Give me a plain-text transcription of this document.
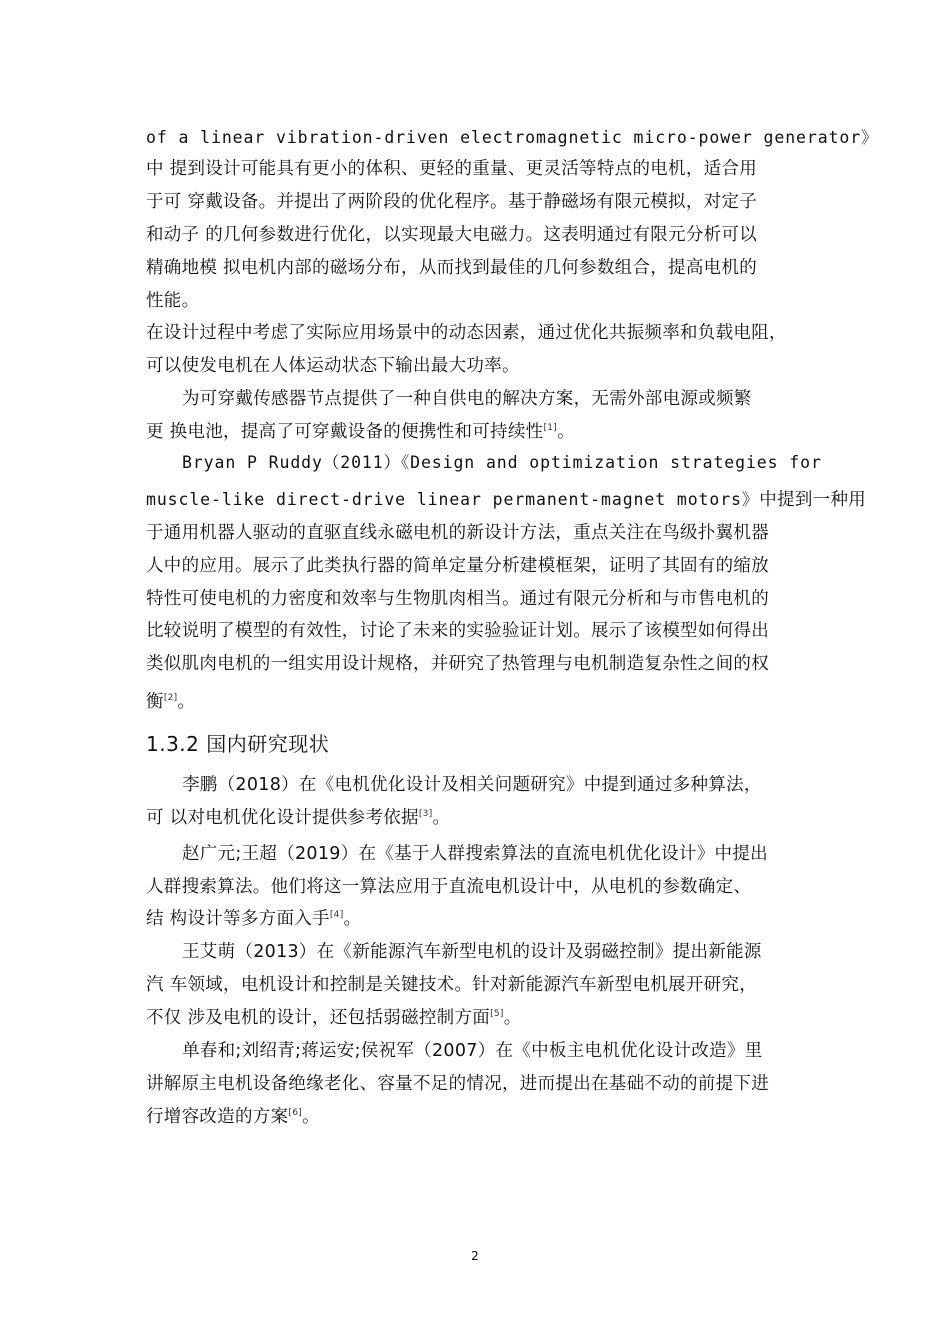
of a linear vibration-driven electromagnetic micro-power generator》
中 提到设计可能具有更小的体积、更轻的重量、更灵活等特点的电机，适合用
于可 穿戴设备。并提出了两阶段的优化程序。基于静磁场有限元模拟，对定子
和动子 的几何参数进行优化，以实现最大电磁力。这表明通过有限元分析可以
精确地模 拟电机内部的磁场分布，从而找到最佳的几何参数组合，提高电机的
性能。
在设计过程中考虑了实际应用场景中的动态因素，通过优化共振频率和负载电阻，
可以使发电机在人体运动状态下输出最大功率。
为可穿戴传感器节点提供了一种自供电的解决方案，无需外部电源或频繁
更 换电池，提高了可穿戴设备的便携性和可持续性[1]。
Bryan P Ruddy（2011）《Design and optimization strategies for
muscle-like direct-drive linear permanent-magnet motors》中提到一种用
于通用机器人驱动的直驱直线永磁电机的新设计方法，重点关注在鸟级扑翼机器
人中的应用。展示了此类执行器的简单定量分析建模框架，证明了其固有的缩放
特性可使电机的力密度和效率与生物肌肉相当。通过有限元分析和与市售电机的
比较说明了模型的有效性，讨论了未来的实验验证计划。展示了该模型如何得出
类似肌肉电机的一组实用设计规格，并研究了热管理与电机制造复杂性之间的权
衡[2]。
1.3.2 国内研究现状
李鹏（2018）在《电机优化设计及相关问题研究》中提到通过多种算法，
可 以对电机优化设计提供参考依据[3]。
赵广元;王超（2019）在《基于人群搜索算法的直流电机优化设计》中提出
人群搜索算法。他们将这一算法应用于直流电机设计中，从电机的参数确定、
结 构设计等多方面入手[4]。
王艾萌（2013）在《新能源汽车新型电机的设计及弱磁控制》提出新能源
汽 车领域，电机设计和控制是关键技术。针对新能源汽车新型电机展开研究，
不仅 涉及电机的设计，还包括弱磁控制方面[5]。
单春和;刘绍青;蒋运安;侯祝军（2007）在《中板主电机优化设计改造》里
讲解原主电机设备绝缘老化、容量不足的情况，进而提出在基础不动的前提下进
行增容改造的方案[6]。
2
